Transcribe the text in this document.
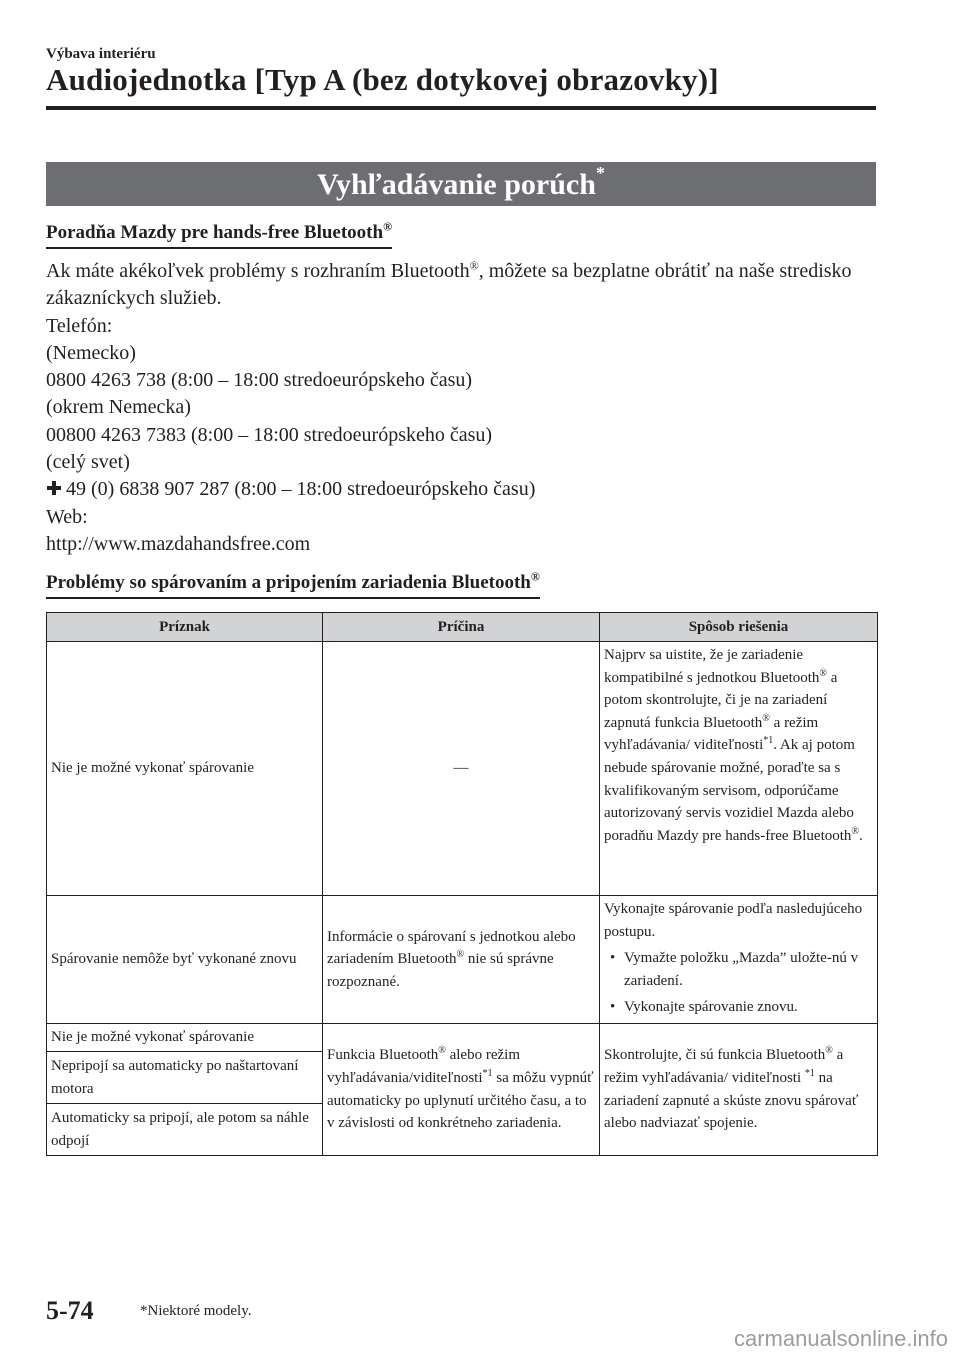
Výbava interiéru
Audiojednotka [Typ A (bez dotykovej obrazovky)]
Vyhľadávanie porúch*
Poradňa Mazdy pre hands-free Bluetooth®

Ak máte akékoľvek problémy s rozhraním Bluetooth®, môžete sa bezplatne obrátiť na naše stredisko zákazníckych služieb.

Telefón:

(Nemecko)

0800 4263 738 (8:00 – 18:00 stredoeurópskeho času)

(okrem Nemecka)

00800 4263 7383 (8:00 – 18:00 stredoeurópskeho času)

(celý svet)

49 (0) 6838 907 287 (8:00 – 18:00 stredoeurópskeho času)

Web:

http://www.mazdahandsfree.com

Problémy so spárovaním a pripojením zariadenia Bluetooth®
Príznak	Príčina	Spôsob riešenia
Nie je možné vykonať spárovanie	—	Najprv sa uistite, že je zariadenie kompatibilné s jednotkou Bluetooth® a potom skontrolujte, či je na zariadení zapnutá funkcia Bluetooth® a režim vyhľadávania/ viditeľnosti$^{*1}$. Ak aj potom nebude spárovanie možné, poraďte sa s kvalifikovaným servisom, odporúčame autorizovaný servis vozidiel Mazda alebo poradňu Mazdy pre hands-free Bluetooth®.
Spárovanie nemôže byť vykonané znovu	Informácie o spárovaní s jednotkou alebo zariadením Bluetooth® nie sú správne rozpoznané.	Vykonajte spárovanie podľa nasledujúceho postupu.
• Vymažte položku „Mazda” uložte-nú v zariadení.
• Vykonajte spárovanie znovu.

Nie je možné vykonať spárovanie	Funkcia Bluetooth® alebo režim vyhľadávania/viditeľnosti$^{*1}$ sa môžu vypnúť automaticky po uplynutí určitého času, a to v závislosti od konkrétneho zariadenia.	Skontrolujte, či sú funkcia Bluetooth® a režim vyhľadávania/ viditeľnosti $^{*1}$ na zariadení zapnuté a skúste znovu spárovať alebo nadviazať spojenie.
Nepripojí sa automaticky po naštartovaní motora		
Automaticky sa pripojí, ale potom sa náhle odpojí		
5-74	*Niektoré modely.
carmanualsonline.info
